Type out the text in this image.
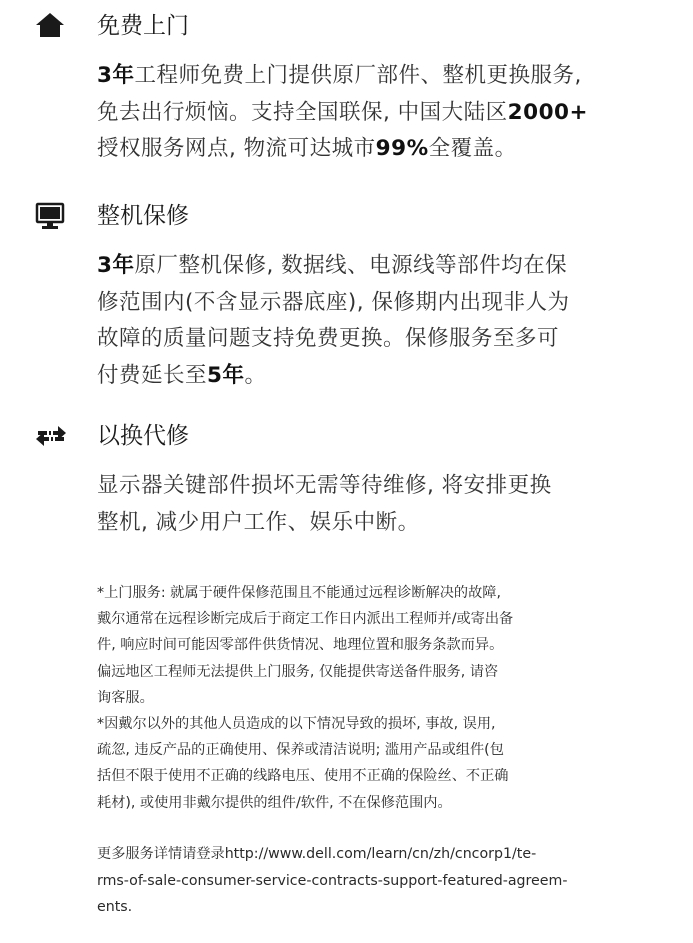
免费上门
3年工程师免费上门提供原厂部件、整机更换服务,
免去出行烦恼。支持全国联保, 中国大陆区2000+
授权服务网点, 物流可达城市99%全覆盖。
整机保修
3年原厂整机保修, 数据线、电源线等部件均在保
修范围内(不含显示器底座), 保修期内出现非人为
故障的质量问题支持免费更换。保修服务至多可
付费延长至5年。
以换代修
显示器关键部件损坏无需等待维修, 将安排更换
整机, 减少用户工作、娱乐中断。
*上门服务: 就属于硬件保修范围且不能通过远程诊断解决的故障,
戴尔通常在远程诊断完成后于商定工作日内派出工程师并/或寄出备
件, 响应时间可能因零部件供货情况、地理位置和服务条款而异。
偏远地区工程师无法提供上门服务, 仅能提供寄送备件服务, 请咨
询客服。
*因戴尔以外的其他人员造成的以下情况导致的损坏, 事故, 误用,
疏忽, 违反产品的正确使用、保养或清洁说明; 滥用产品或组件(包
括但不限于使用不正确的线路电压、使用不正确的保险丝、不正确
耗材), 或使用非戴尔提供的组件/软件, 不在保修范围内。
更多服务详情请登录http://www.dell.com/learn/cn/zh/cncorp1/te-
rms-of-sale-consumer-service-contracts-support-featured-agreem-
ents.
